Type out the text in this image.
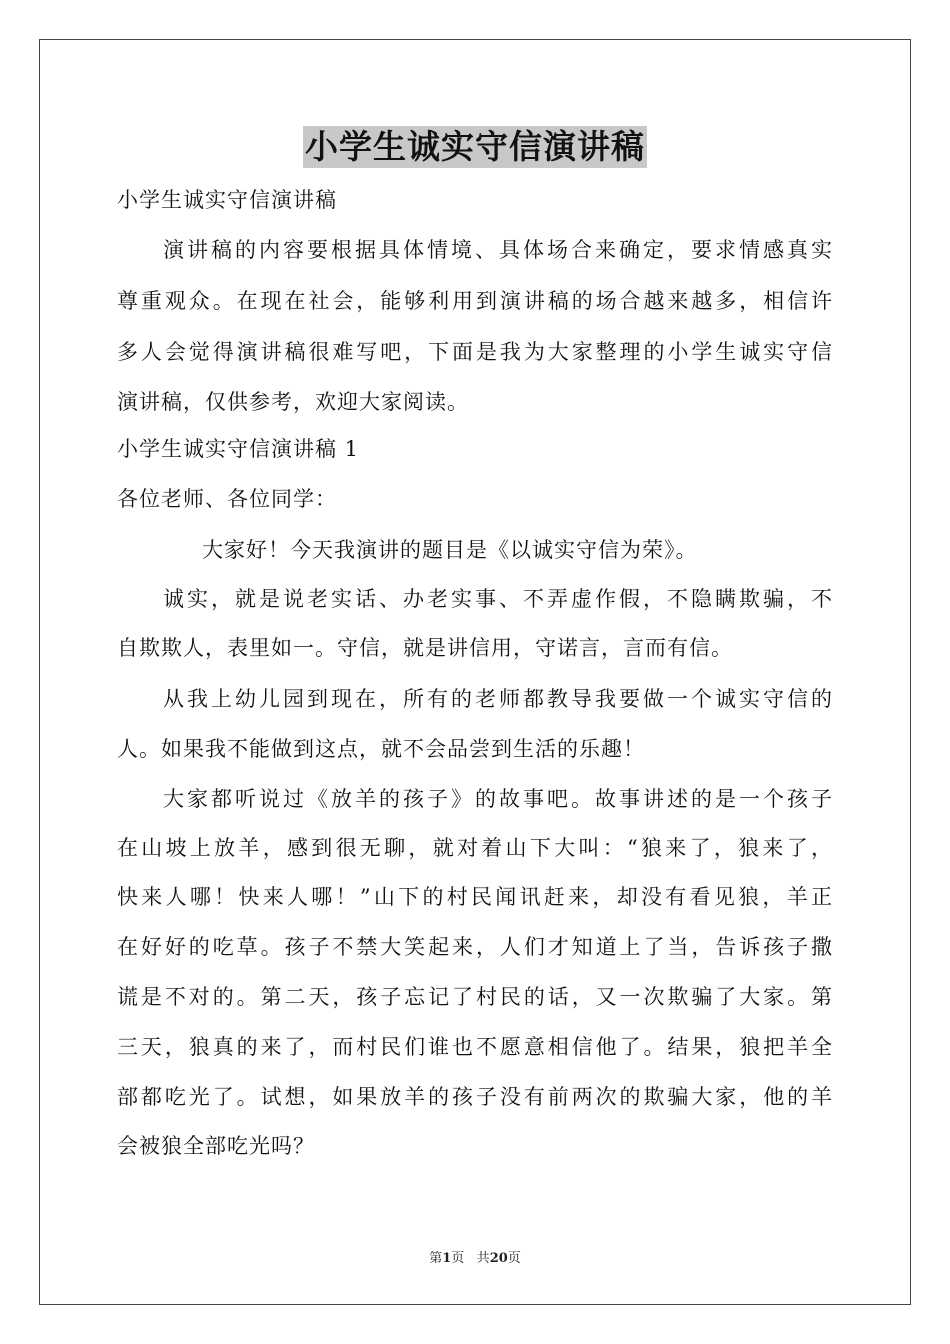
小学生诚实守信演讲稿
小学生诚实守信演讲稿
演讲稿的内容要根据具体情境、具体场合来确定，要求情感真实
尊重观众。在现在社会，能够利用到演讲稿的场合越来越多，相信许
多人会觉得演讲稿很难写吧，下面是我为大家整理的小学生诚实守信
演讲稿，仅供参考，欢迎大家阅读。
小学生诚实守信演讲稿 1
各位老师、各位同学：
大家好！今天我演讲的题目是《以诚实守信为荣》。
诚实，就是说老实话、办老实事、不弄虚作假，不隐瞒欺骗，不
自欺欺人，表里如一。守信，就是讲信用，守诺言，言而有信。
从我上幼儿园到现在，所有的老师都教导我要做一个诚实守信的
人。如果我不能做到这点，就不会品尝到生活的乐趣！
大家都听说过《放羊的孩子》的故事吧。故事讲述的是一个孩子
在山坡上放羊，感到很无聊，就对着山下大叫：“狼来了，狼来了，
快来人哪！快来人哪！”山下的村民闻讯赶来，却没有看见狼，羊正
在好好的吃草。孩子不禁大笑起来，人们才知道上了当，告诉孩子撒
谎是不对的。第二天，孩子忘记了村民的话，又一次欺骗了大家。第
三天，狼真的来了，而村民们谁也不愿意相信他了。结果，狼把羊全
部都吃光了。试想，如果放羊的孩子没有前两次的欺骗大家，他的羊
会被狼全部吃光吗？
第1页 共20页
